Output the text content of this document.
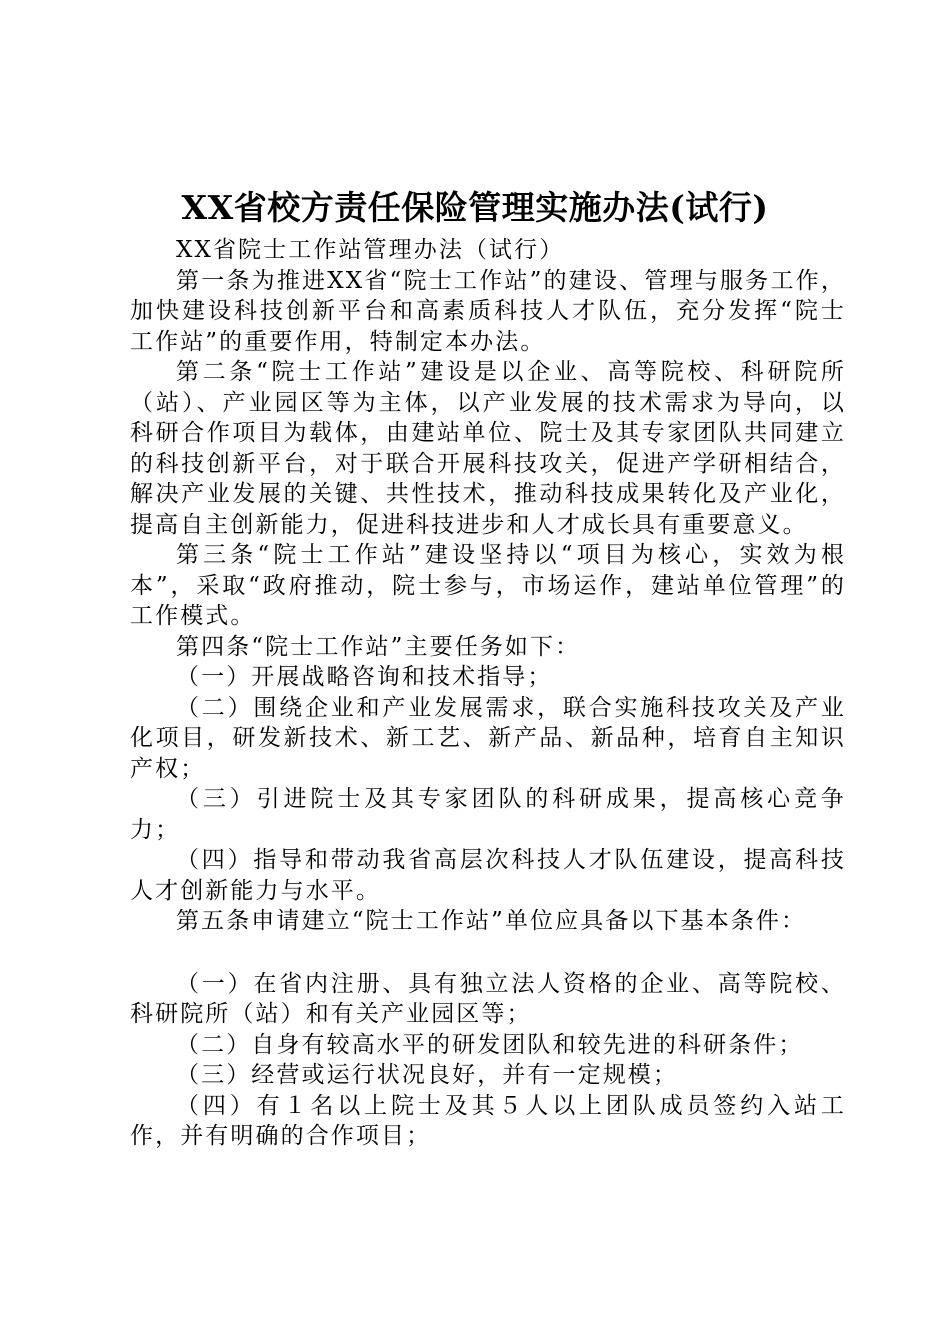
XX省校方责任保险管理实施办法(试行)

XX省院士工作站管理办法（试行）

第一条为推进XX省“院士工作站”的建设、管理与服务工作，加快建设科技创新平台和高素质科技人才队伍，充分发挥“院士工作站”的重要作用，特制定本办法。

第二条“院士工作站”建设是以企业、高等院校、科研院所（站）、产业园区等为主体，以产业发展的技术需求为导向，以科研合作项目为载体，由建站单位、院士及其专家团队共同建立的科技创新平台，对于联合开展科技攻关，促进产学研相结合，解决产业发展的关键、共性技术，推动科技成果转化及产业化，提高自主创新能力，促进科技进步和人才成长具有重要意义。

第三条“院士工作站”建设坚持以“项目为核心，实效为根本”，采取“政府推动，院士参与，市场运作，建站单位管理”的工作模式。

第四条“院士工作站”主要任务如下：

（一）开展战略咨询和技术指导；

（二）围绕企业和产业发展需求，联合实施科技攻关及产业化项目，研发新技术、新工艺、新产品、新品种，培育自主知识产权；

（三）引进院士及其专家团队的科研成果，提高核心竞争力；

（四）指导和带动我省高层次科技人才队伍建设，提高科技人才创新能力与水平。

第五条申请建立“院士工作站”单位应具备以下基本条件：

（一）在省内注册、具有独立法人资格的企业、高等院校、科研院所（站）和有关产业园区等；

（二）自身有较高水平的研发团队和较先进的科研条件；

（三）经营或运行状况良好，并有一定规模；

（四）有１名以上院士及其５人以上团队成员签约入站工作，并有明确的合作项目；
